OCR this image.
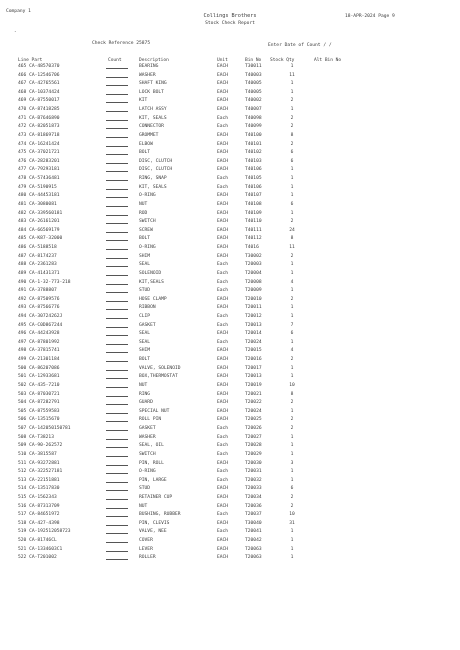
Company 1
Collings Brothers
Stock Check Report
18-APR-2024 Page 9
-
Check Reference 25875	Enter Date of Count / /
Line Part	Count	Description	Unit	Bin No Stock Qty	Alt Bin No
465 CA-48570370	BEARING	EACH	T30011	1
466 CA-12546706	WASHER	EACH	T40003	11
467 CA-42765561	SHAFT KING	EACH	T40005	1
468 CA-10374424	LOCK BOLT	EACH	T40005	1
469 CA-87550017	KIT	EACH	T40002	2
470 CA-87418285	LATCH ASSY	EACH	T40007	1
471 CA-B7646890	KIT, SEALS	Each	T40098	2
472 CA-82051873	CONNECTOR	Each	T40099	2
473 CA-81869718	GROMMET	EACH	T40100	8
474 CA-16241424	ELBOW	EACH	T40101	2
475 CA-37021721	BOLT	EACH	T40102	6
476 CA-28283201	DISC, CLUTCH	EACH	T40103	6
477 CA-79293181	DISC, CLUTCH	EACH	T40106	1
478 CA-57436481	RING, SNAP	Each	T40105	1
479 CA-5190915	KIT, SEALS	Each	T40106	1
480 CA-44453181	O-RING	EACH	T40107	1
481 CA-3080081	NUT	EACH	T40108	6
482 CA-339560181	ROD	EACH	T40109	1
483 CA-26161201	SWITCH	EACH	T40110	2
484 CA-66569179	SCREW	EACH	T40111	24
485 CA-K87-32000	BOLT	EACH	T40112	8
486 CA-5188518	O-RING	EACH	T4016	11
487 CA-8174237	SHIM	EACH	T30002	2
488 CA-2361283	SEAL	Each	T20003	1
489 CA-41431371	SOLENOID	Each	T20004	1
490 CA-1-32-773-218	KIT,SEALS	Each	T20008	4
491 CA-3788807	STUD	Each	T20009	1
492 CA-87509576	HOSE CLAMP	EACH	T20010	2
493 CA-87566776	RIBBON	EACH	T20011	1
494 CA-30724262J	CLIP	Each	T20012	1
495 CA-C0D867244	GASKET	Each	T20013	7
496 CA-44243928	SEAL	EACH	T20014	6
497 CA-87801992	SEAL	Each	T20024	1
498 CA-37815741	SHIM	EACH	T20015	4
499 CA-21301184	BOLT	EACH	T20016	2
500 CA-86207086	VALVE, SOLENOID	EACH	T20017	1
501 CA-12933681	BOX,THERMOSTAT	EACH	T20013	1
502 CA-435-7210	NUT	EACH	T20019	10
503 CA-87030721	RING	EACH	T20021	8
504 CA-87282791	GUARD	EACH	T20022	2
505 CA-87559583	SPECIAL NUT	EACH	T20024	1
506 CA-13515670	ROLL PIN	EACH	T20025	2
507 CA-142050150781	GASKET	Each	T20026	2
508 CA-T38213	WASHER	Each	T20027	1
509 CA-90-262572	SEAL, OIL	Each	T20028	1
510 CA-3815587	SWITCH	Each	T20029	1
511 CA-93272881	PIN, ROLL	EACH	T20030	3
512 CA-322527181	O-RING	Each	T20031	1
513 CA-22151881	PIN, LARGE	Each	T20032	1
514 CA-13517830	STUD	EACH	T20033	6
515 CA-1562343	RETAINER CUP	EACH	T20034	2
516 CA-87313709	NUT	EACH	T20036	2
517 CA-84651972	BUSHING, RUBBER	Each	T20037	10
518 CA-427-4398	PIN, CLEVIS	EACH	T30040	31
519 CA-192512058723	VALVE, NEE	Each	T20041	1
520 CA-81746CL	COVER	EACH	T20042	1
521 CA-1334603C1	LEVER	EACH	T20063	1
522 CA-T201002	ROLLER	EACH	T20063	1
